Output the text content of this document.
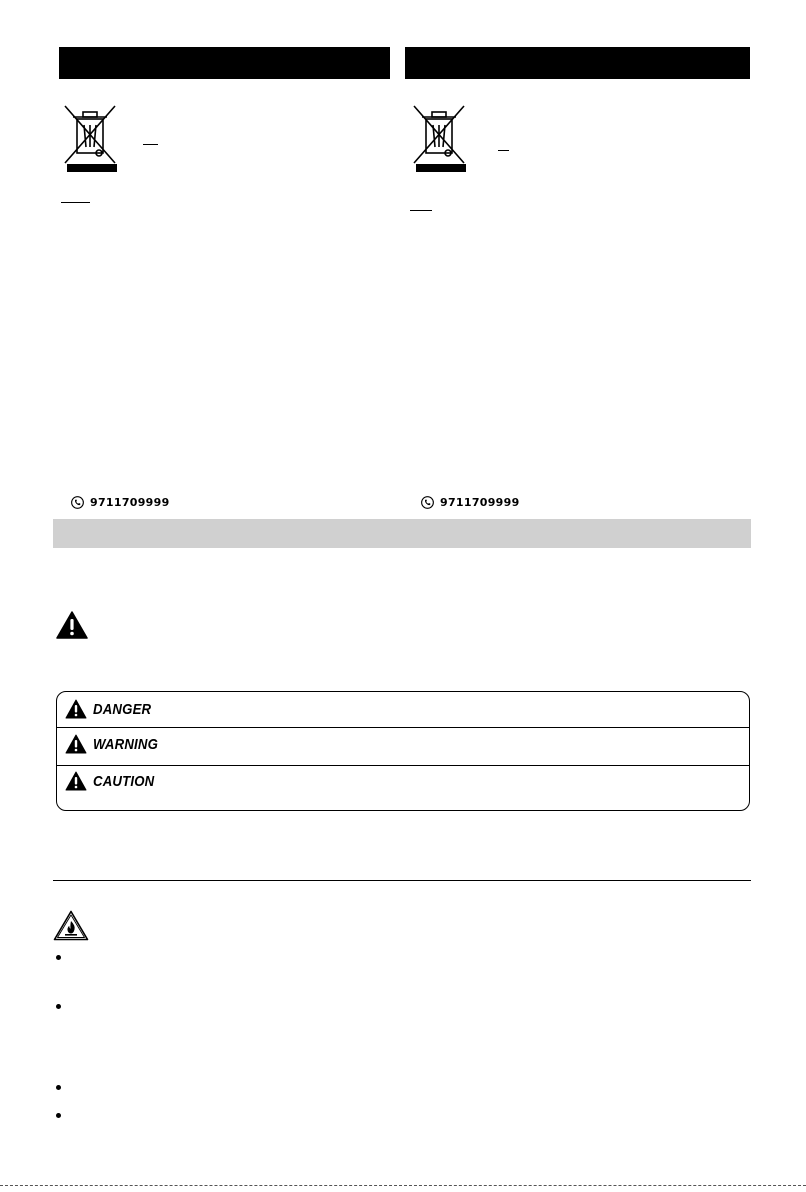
9711709999	9711709999
DANGER
WARNING
CAUTION
